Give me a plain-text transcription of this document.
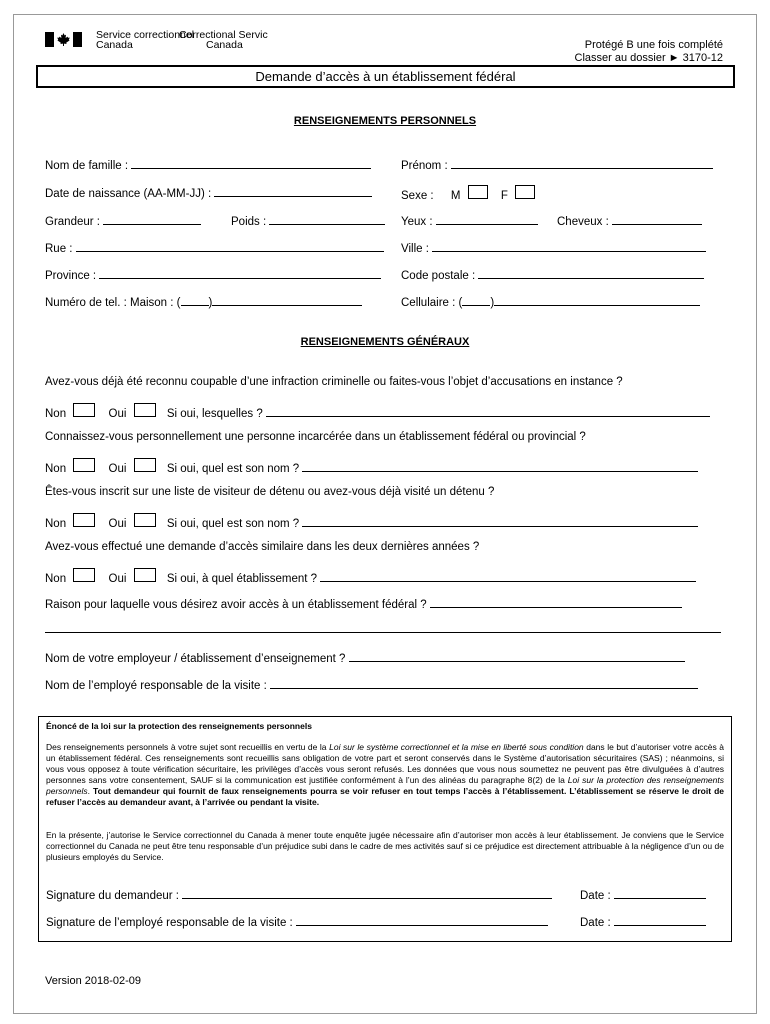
Service correctionnel
Canada
Correctional Servic
Canada	Protégé B une fois complété
Classer au dossier ► 3170-12
Demande d’accès à un établissement fédéral
RENSEIGNEMENTS PERSONNELS
Nom de famille :	Prénom :
Date de naissance (AA-MM-JJ) :	Sexe : M	F
Grandeur :	Poids :	Yeux :	Cheveux :
Rue :	Ville :
Province :	Code postale :
Numéro de tel. : Maison : ( )	Cellulaire : ( )
RENSEIGNEMENTS GÉNÉRAUX
Avez-vous déjà été reconnu coupable d’une infraction criminelle ou faites-vous l’objet d’accusations en instance ?
Non	Oui	Si oui, lesquelles ?
Connaissez-vous personnellement une personne incarcérée dans un établissement fédéral ou provincial ?
Non	Oui	Si oui, quel est son nom ?
Êtes-vous inscrit sur une liste de visiteur de détenu ou avez-vous déjà visité un détenu ?
Non	Oui	Si oui, quel est son nom ?
Avez-vous effectué une demande d’accès similaire dans les deux dernières années ?
Non	Oui	Si oui, à quel établissement ?
Raison pour laquelle vous désirez avoir accès à un établissement fédéral ?
Nom de votre employeur / établissement d’enseignement ?
Nom de l’employé responsable de la visite :
Énoncé de la loi sur la protection des renseignements personnels
Des renseignements personnels à votre sujet sont recueillis en vertu de la Loi sur le système correctionnel et la mise en liberté sous condition dans le but d’autoriser votre accès à un établissement fédéral. Ces renseignements sont recueillis sans obligation de votre part et seront conservés dans le Système d’autorisation sécuritaires (SAS) ; néanmoins, si vous vous opposez à toute vérification sécuritaire, les privilèges d’accès vous seront refusés. Les données que vous nous soumettez ne peuvent pas être divulguées à d’autres personnes sans votre consentement, SAUF si la communication est justifiée conformément à l’un des alinéas du paragraphe 8(2) de la Loi sur la protection des renseignements personnels. Tout demandeur qui fournit de faux renseignements pourra se voir refuser en tout temps l’accès à l’établissement. L’établissement se réserve le droit de refuser l’accès au demandeur avant, à l’arrivée ou pendant la visite.
En la présente, j’autorise le Service correctionnel du Canada à mener toute enquête jugée nécessaire afin d’autoriser mon accès à leur établissement. Je conviens que le Service correctionnel du Canada ne peut être tenu responsable d’un préjudice subi dans le cadre de mes activités sauf si ce préjudice est directement attribuable à la négligence d’un ou de plusieurs employés du Service.
Signature du demandeur :	Date :
Signature de l’employé responsable de la visite :	Date :
Version 2018-02-09
